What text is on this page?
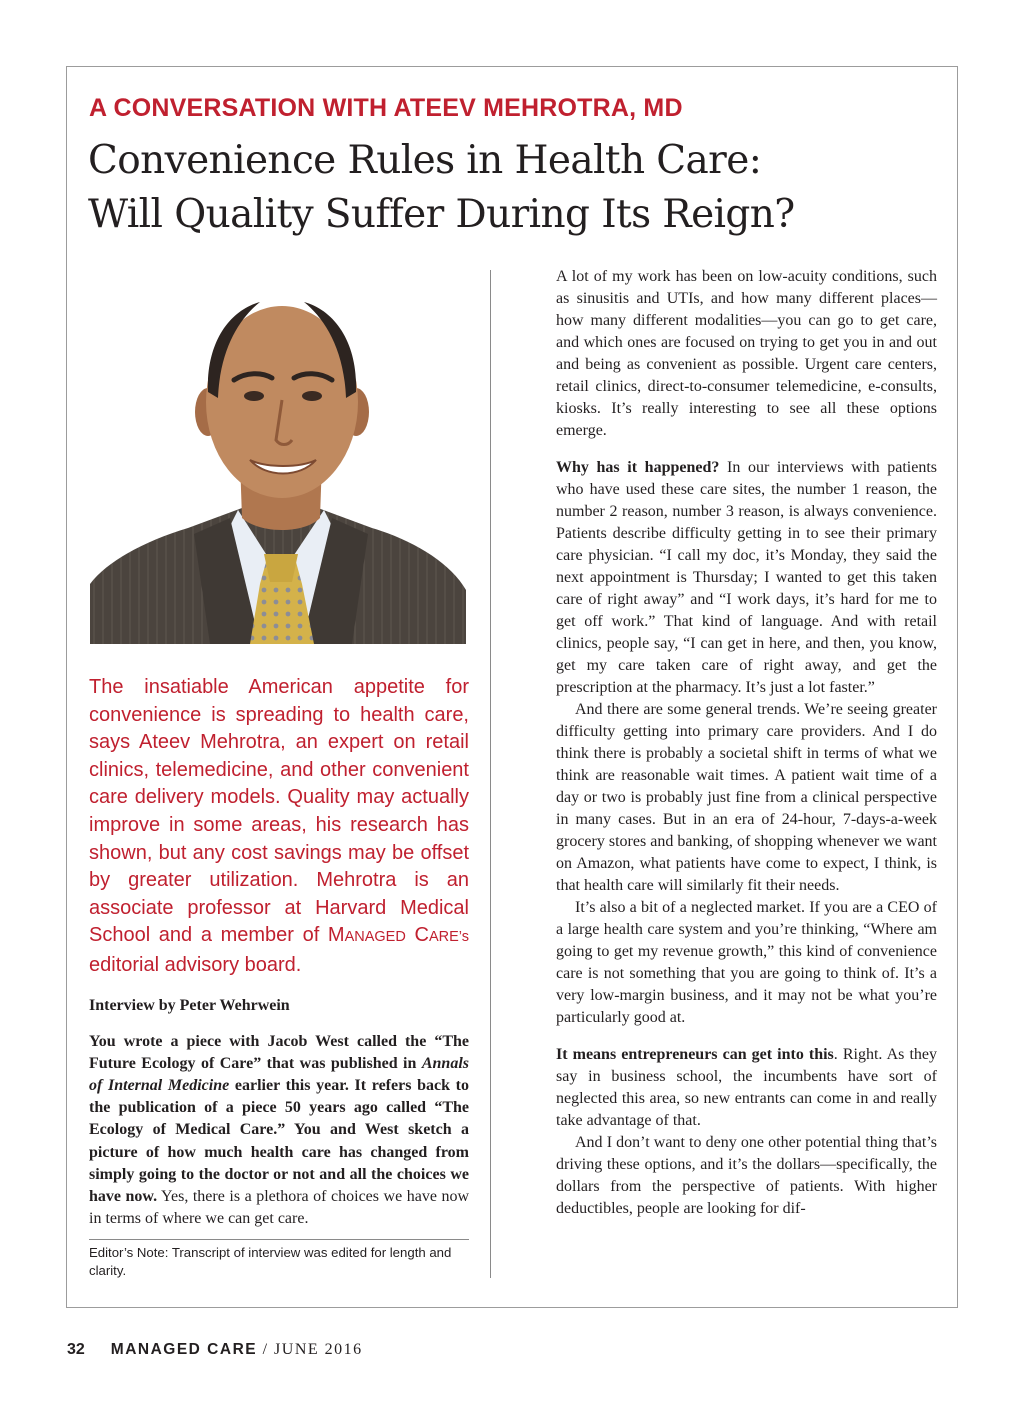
A CONVERSATION WITH ATEEV MEHROTRA, MD
Convenience Rules in Health Care:
Will Quality Suffer During Its Reign?

The insatiable American appetite for convenience is spreading to health care, says Ateev Mehrotra, an expert on retail clinics, telemedicine, and other convenient care delivery models. Quality may actually improve in some areas, his research has shown, but any cost savings may be offset by greater utilization. Mehrotra is an associate professor at Harvard Medical School and a member of MANAGED CARE’s editorial advisory board.

Interview by Peter Wehrwein

You wrote a piece with Jacob West called the “The Future Ecology of Care” that was published in Annals of Internal Medicine earlier this year. It refers back to the publication of a piece 50 years ago called “The Ecology of Medical Care.” You and West sketch a picture of how much health care has changed from simply going to the doctor or not and all the choices we have now. Yes, there is a plethora of choices we have now in terms of where we can get care.

Editor’s Note: Transcript of interview was edited for length and clarity.

A lot of my work has been on low-acuity conditions, such as sinusitis and UTIs, and how many different places—how many different modalities—you can go to get care, and which ones are focused on trying to get you in and out and being as convenient as possible. Urgent care centers, retail clinics, direct-to-consumer telemedicine, e-consults, kiosks. It’s really interesting to see all these options emerge.

Why has it happened? In our interviews with patients who have used these care sites, the number 1 reason, the number 2 reason, number 3 reason, is always convenience. Patients describe difficulty getting in to see their primary care physician. “I call my doc, it’s Monday, they said the next appointment is Thursday; I wanted to get this taken care of right away” and “I work days, it’s hard for me to get off work.” That kind of language. And with retail clinics, people say, “I can get in here, and then, you know, get my care taken care of right away, and get the prescription at the pharmacy. It’s just a lot faster.”

And there are some general trends. We’re seeing greater difficulty getting into primary care providers. And I do think there is probably a societal shift in terms of what we think are reasonable wait times. A patient wait time of a day or two is probably just fine from a clinical perspective in many cases. But in an era of 24-hour, 7-days-a-week grocery stores and banking, of shopping whenever we want on Amazon, what patients have come to expect, I think, is that health care will similarly fit their needs.

It’s also a bit of a neglected market. If you are a CEO of a large health care system and you’re thinking, “Where am going to get my revenue growth,” this kind of convenience care is not something that you are going to think of. It’s a very low-margin business, and it may not be what you’re particularly good at.

It means entrepreneurs can get into this. Right. As they say in business school, the incumbents have sort of neglected this area, so new entrants can come in and really take advantage of that.

And I don’t want to deny one other potential thing that’s driving these options, and it’s the dollars—specifically, the dollars from the perspective of patients. With higher deductibles, people are looking for dif-

32 MANAGED CARE / JUNE 2016
